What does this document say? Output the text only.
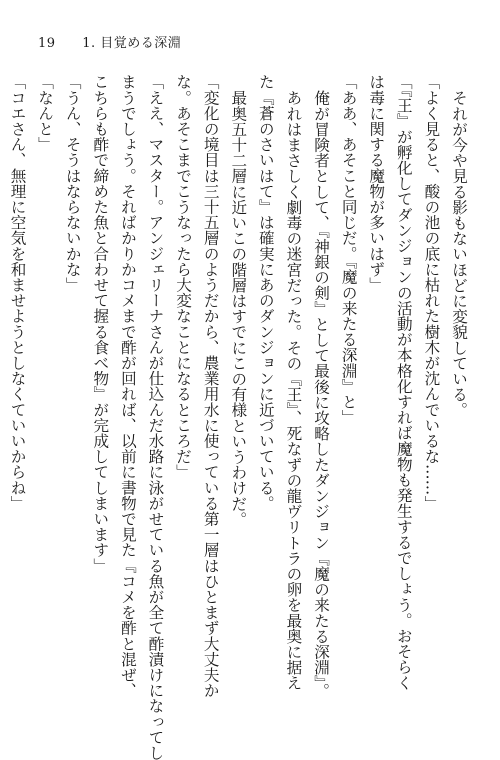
19 1. 目覚める深淵
それが今や見る影もないほどに変貌している。
「よく見ると、酸の池の底に枯れた樹木が沈んでいるな……」
「『王』が孵化してダンジョンの活動が本格化すれば魔物も発生するでしょう。おそらく
は毒に関する魔物が多いはず」
「ああ、あそこと同じだ。『魔の来たる深淵』と」
俺が冒険者として、『神銀の剣』として最後に攻略したダンジョン『魔の来たる深淵』。
あれはまさしく劇毒の迷宮だった。その『王』、死なずの龍ヴリトラの卵を最奥に据え
た『蒼のさいはて』は確実にあのダンジョンに近づいている。
最奥五十二層に近いこの階層はすでにこの有様というわけだ。
「変化の境目は三十五層のようだから、農業用水に使っている第一層はひとまず大丈夫か
な。あそこまでこうなったら大変なことになるところだ」
「ええ、マスター。アンジェリーナさんが仕込んだ水路に泳がせている魚が全て酢漬けになってし
まうでしょう。そればかりかコメまで酢が回れば、以前に書物で見た『コメを酢と混ぜ、
こちらも酢で締めた魚と合わせて握る食べ物』が完成してしまいます」
「うん、そうはならないかな」
「なんと」
「コエさん、無理に空気を和ませようとしなくていいからね」
